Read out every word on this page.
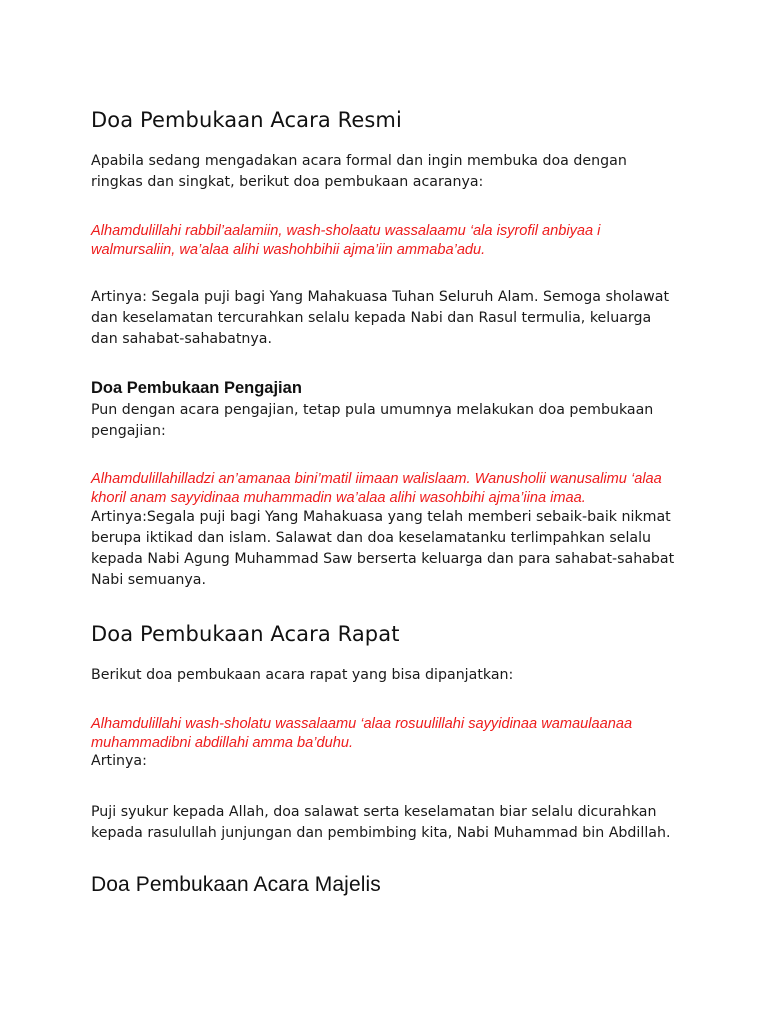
Doa Pembukaan Acara Resmi

Apabila sedang mengadakan acara formal dan ingin membuka doa dengan ringkas dan singkat, berikut doa pembukaan acaranya:

Alhamdulillahi rabbil’aalamiin, wash-sholaatu wassalaamu ‘ala isyrofil anbiyaa i walmursaliin, wa’alaa alihi washohbihii ajma’iin ammaba’adu.

Artinya: Segala puji bagi Yang Mahakuasa Tuhan Seluruh Alam. Semoga sholawat dan keselamatan tercurahkan selalu kepada Nabi dan Rasul termulia, keluarga dan sahabat-sahabatnya.

Doa Pembukaan Pengajian

Pun dengan acara pengajian, tetap pula umumnya melakukan doa pembukaan pengajian:

Alhamdulillahilladzi an’amanaa bini’matil iimaan walislaam. Wanusholii wanusalimu ‘alaa khoril anam sayyidinaa muhammadin wa’alaa alihi wasohbihi ajma’iina imaa.

Artinya:Segala puji bagi Yang Mahakuasa yang telah memberi sebaik-baik nikmat berupa iktikad dan islam. Salawat dan doa keselamatanku terlimpahkan selalu kepada Nabi Agung Muhammad Saw berserta keluarga dan para sahabat-sahabat Nabi semuanya.

Doa Pembukaan Acara Rapat

Berikut doa pembukaan acara rapat yang bisa dipanjatkan:

Alhamdulillahi wash-sholatu wassalaamu ‘alaa rosuulillahi sayyidinaa wamaulaanaa muhammadibni abdillahi amma ba’duhu.

Artinya:

Puji syukur kepada Allah, doa salawat serta keselamatan biar selalu dicurahkan kepada rasulullah junjungan dan pembimbing kita, Nabi Muhammad bin Abdillah.

Doa Pembukaan Acara Majelis
